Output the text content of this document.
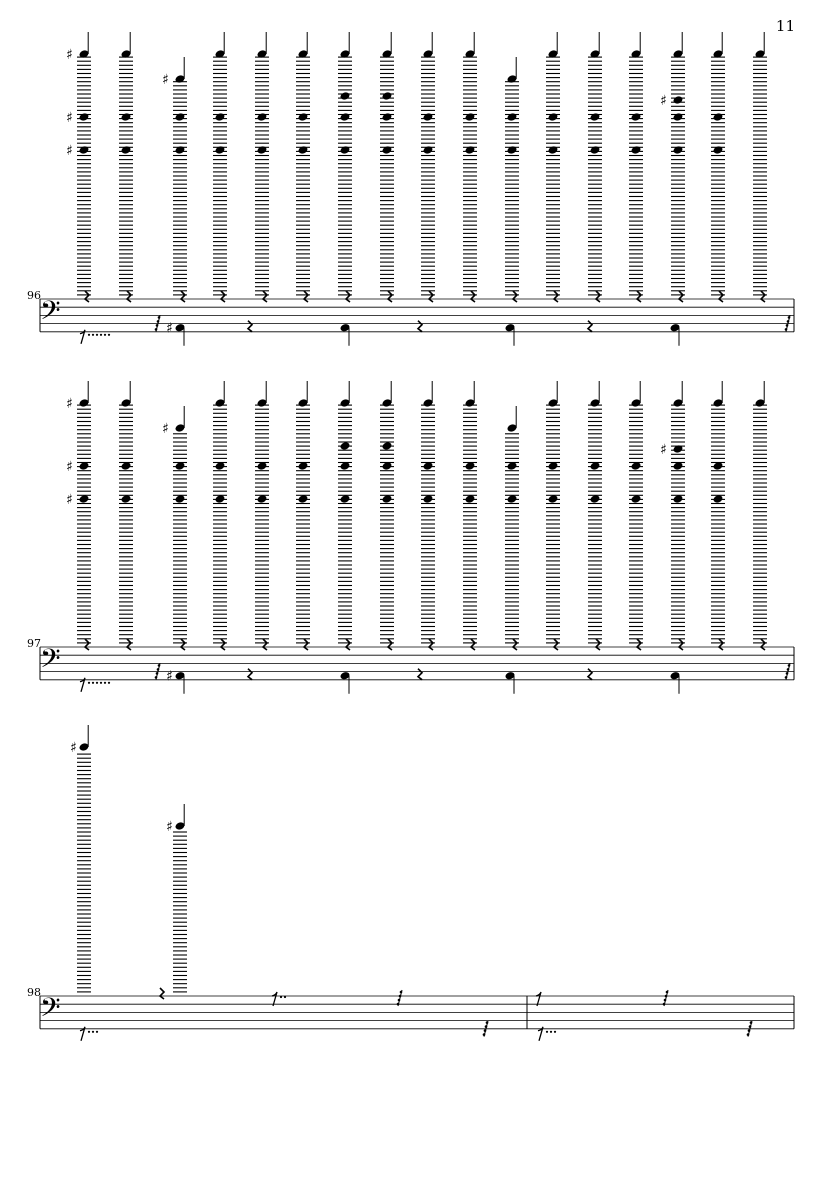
11
96
97
98
𝄢
♯
♯
♯
♯
♯
♯
𝄢
♯
♯
♯
♯
♯
♯
𝄢
♯
♯
